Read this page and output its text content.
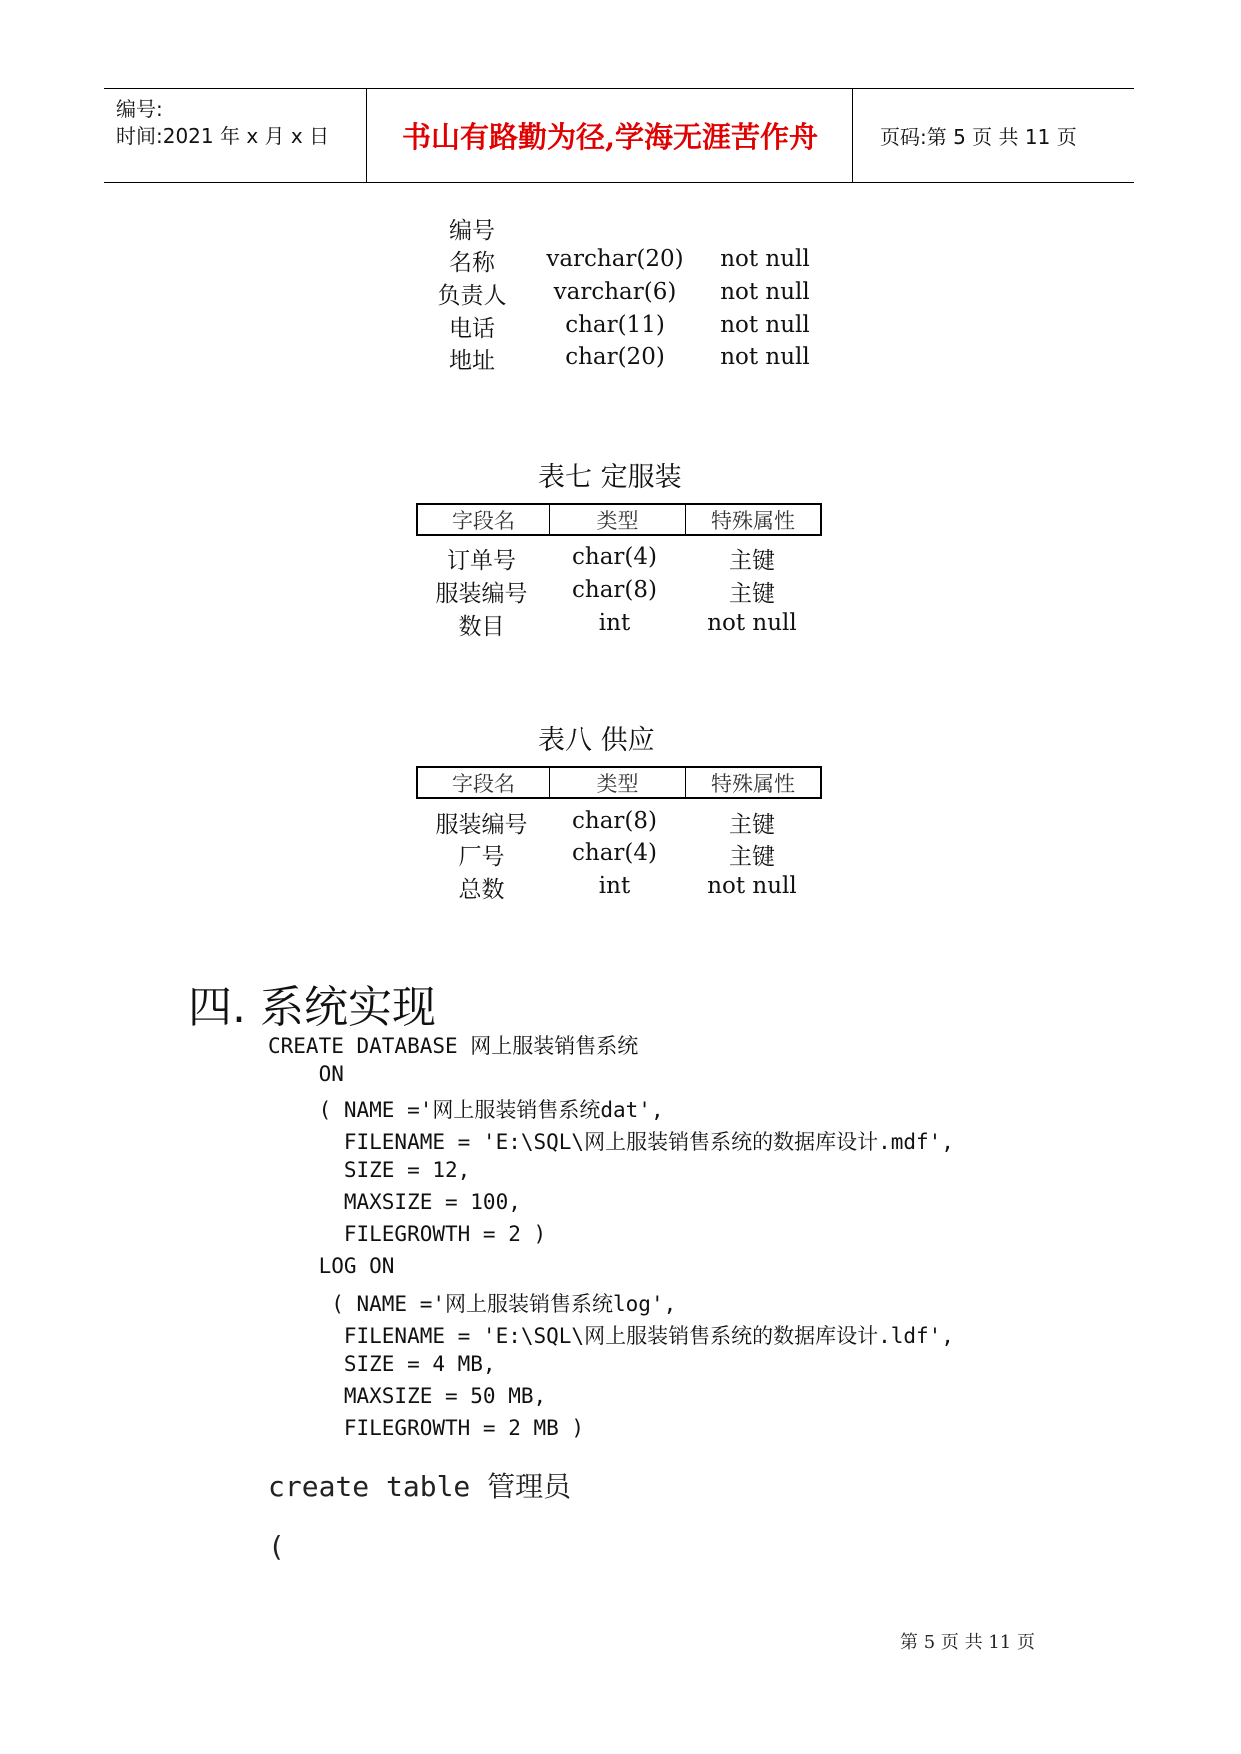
编号:
时间:2021 年 x 月 x 日	书山有路勤为径,学海无涯苦作舟	页码:第 5 页 共 11 页
编号
名称	varchar(20)	not null
负责人	varchar(6)	not null
电话	char(11)	not null
地址	char(20)	not null
表七 定服装
字段名	类型	特殊属性
订单号	char(4)	主键
服装编号	char(8)	主键
数目	int	not null
表八 供应
字段名	类型	特殊属性
服装编号	char(8)	主键
厂号	char(4)	主键
总数	int	not null
四. 系统实现
CREATE DATABASE 网上服装销售系统
ON
( NAME ='网上服装销售系统dat',
FILENAME = 'E:\SQL\网上服装销售系统的数据库设计.mdf',
SIZE = 12,
MAXSIZE = 100,
FILEGROWTH = 2 )
LOG ON
( NAME ='网上服装销售系统log',
FILENAME = 'E:\SQL\网上服装销售系统的数据库设计.ldf',
SIZE = 4 MB,
MAXSIZE = 50 MB,
FILEGROWTH = 2 MB )
create table 管理员
(
第 5 页 共 11 页
